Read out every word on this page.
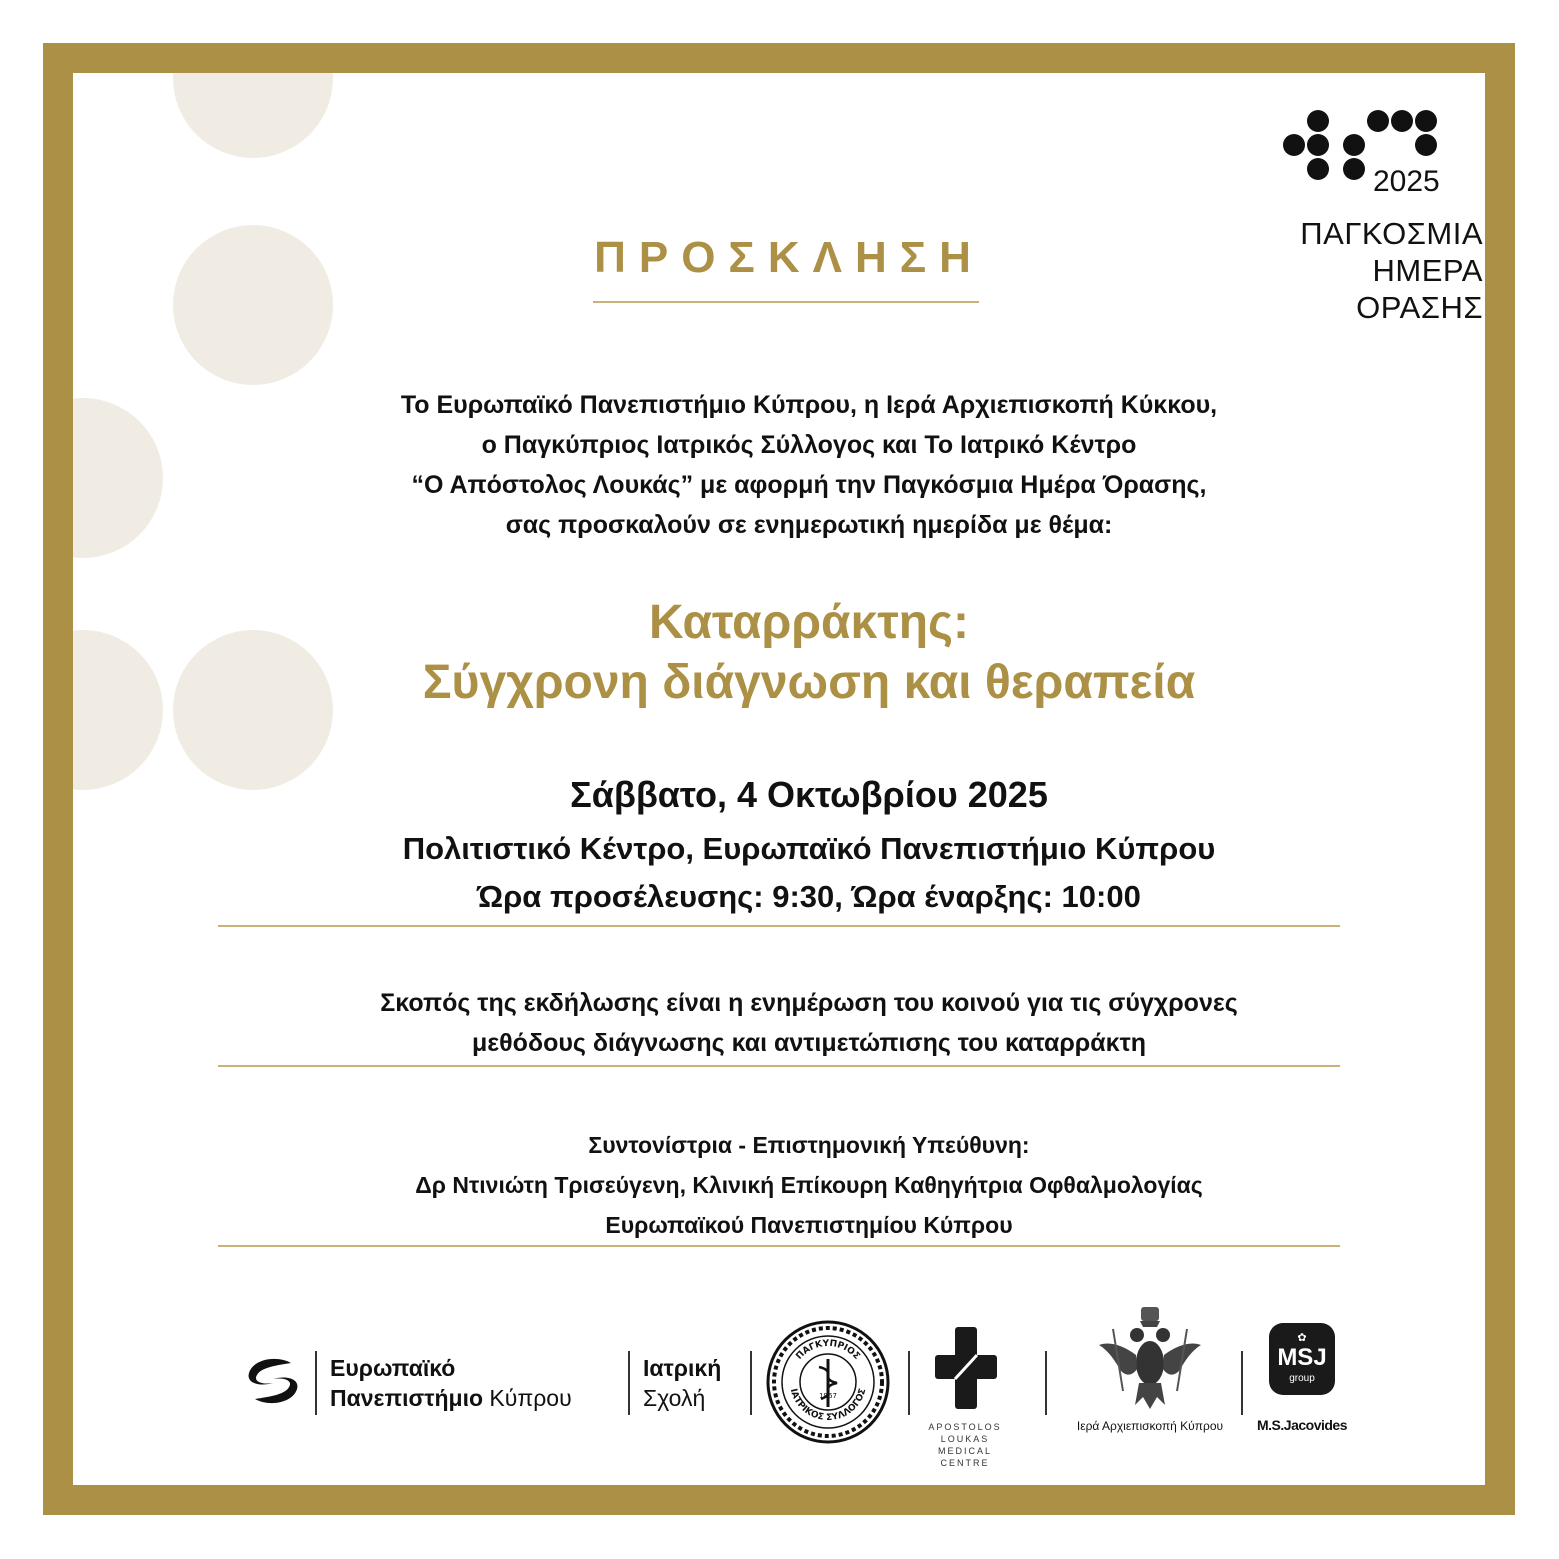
2025
ΠΑΓΚΟΣΜΙΑ
ΗΜΕΡΑ
ΟΡΑΣΗΣ
ΠΡΟΣΚΛΗΣΗ
Το Ευρωπαϊκό Πανεπιστήμιο Κύπρου, η Ιερά Αρχιεπισκοπή Κύκκου,
ο Παγκύπριος Ιατρικός Σύλλογος και Το Ιατρικό Κέντρο
“Ο Απόστολος Λουκάς” με αφορμή την Παγκόσμια Ημέρα Όρασης,
σας προσκαλούν σε ενημερωτική ημερίδα με θέμα:
Καταρράκτης:
Σύγχρονη διάγνωση και θεραπεία
Σάββατο, 4 Οκτωβρίου 2025
Πολιτιστικό Κέντρο, Ευρωπαϊκό Πανεπιστήμιο Κύπρου
Ώρα προσέλευσης: 9:30, Ώρα έναρξης: 10:00
Σκοπός της εκδήλωσης είναι η ενημέρωση του κοινού για τις σύγχρονες
μεθόδους διάγνωσης και αντιμετώπισης του καταρράκτη
Συντονίστρια - Επιστημονική Υπεύθυνη:
Δρ Ντινιώτη Τρισεύγενη, Κλινική Επίκουρη Καθηγήτρια Οφθαλμολογίας
Ευρωπαϊκού Πανεπιστημίου Κύπρου
Ευρωπαϊκό
Πανεπιστήμιο Κύπρου
Ιατρική
Σχολή
ΠΑΓΚΥΠΡΙΟΣ
ΙΑΤΡΙΚΟΣ ΣΥΛΛΟΓΟΣ
1967
APOSTOLOS LOUKAS
MEDICAL CENTRE
Ιερά Αρχιεπισκοπή Κύπρου
✿
MSJ
group
M.S.Jacovides
